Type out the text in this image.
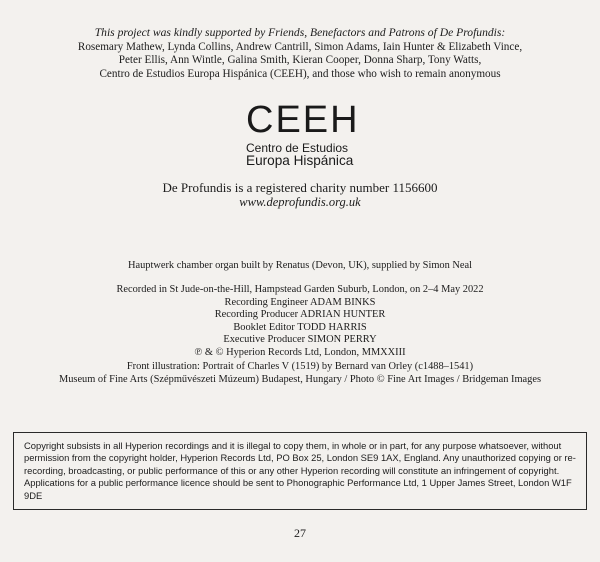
This project was kindly supported by Friends, Benefactors and Patrons of De Profundis:

Rosemary Mathew, Lynda Collins, Andrew Cantrill, Simon Adams, Iain Hunter & Elizabeth Vince,

Peter Ellis, Ann Wintle, Galina Smith, Kieran Cooper, Donna Sharp, Tony Watts,

Centro de Estudios Europa Hispánica (CEEH), and those who wish to remain anonymous

CEEH
Centro de Estudios
Europa Hispánica

De Profundis is a registered charity number 1156600

www.deprofundis.org.uk

Hauptwerk chamber organ built by Renatus (Devon, UK), supplied by Simon Neal

Recorded in St Jude-on-the-Hill, Hampstead Garden Suburb, London, on 2–4 May 2022

Recording Engineer ADAM BINKS

Recording Producer ADRIAN HUNTER

Booklet Editor TODD HARRIS

Executive Producer SIMON PERRY

℗ & © Hyperion Records Ltd, London, MMXXIII

Front illustration: Portrait of Charles V (1519) by Bernard van Orley (c1488–1541)

Museum of Fine Arts (Szépművészeti Múzeum) Budapest, Hungary / Photo © Fine Art Images / Bridgeman Images

Copyright subsists in all Hyperion recordings and it is illegal to copy them, in whole or in part, for any purpose whatsoever, without permission from the copyright holder, Hyperion Records Ltd, PO Box 25, London SE9 1AX, England. Any unauthorized copying or re-recording, broadcasting, or public performance of this or any other Hyperion recording will constitute an infringement of copyright. Applications for a public performance licence should be sent to Phonographic Performance Ltd, 1 Upper James Street, London W1F 9DE
27
